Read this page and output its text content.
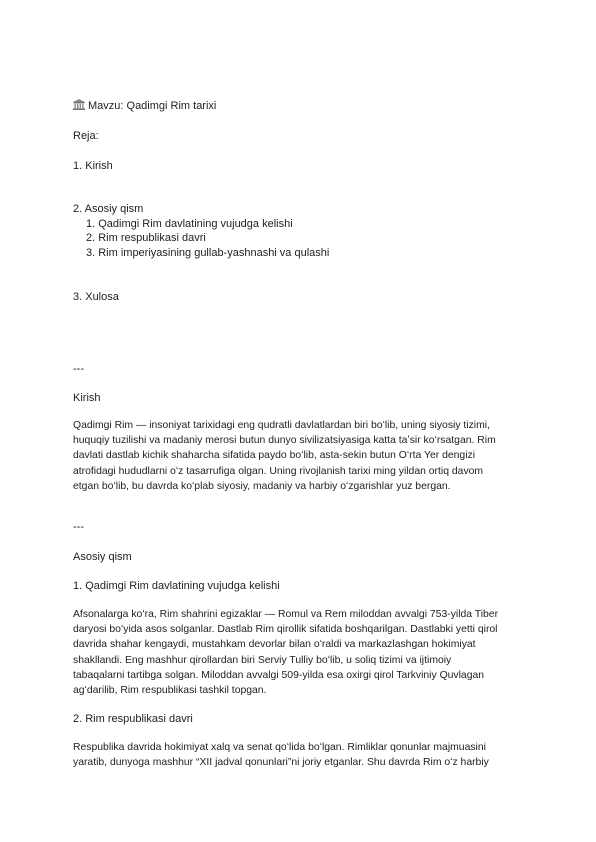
Mavzu: Qadimgi Rim tarixi

Reja:

1. Kirish

2. Asosiy qism

1. Qadimgi Rim davlatining vujudga kelishi

2. Rim respublikasi davri

3. Rim imperiyasining gullab-yashnashi va qulashi

3. Xulosa

---

Kirish

Qadimgi Rim — insoniyat tarixidagi eng qudratli davlatlardan biri boʻlib, uning siyosiy tizimi,
huquqiy tuzilishi va madaniy merosi butun dunyo sivilizatsiyasiga katta taʼsir koʻrsatgan. Rim
davlati dastlab kichik shaharcha sifatida paydo boʻlib, asta-sekin butun Oʻrta Yer dengizi
atrofidagi hududlarni oʻz tasarrufiga olgan. Uning rivojlanish tarixi ming yildan ortiq davom
etgan boʻlib, bu davrda koʻplab siyosiy, madaniy va harbiy oʻzgarishlar yuz bergan.

---

Asosiy qism

1. Qadimgi Rim davlatining vujudga kelishi

Afsonalarga koʻra, Rim shahrini egizaklar — Romul va Rem miloddan avvalgi 753-yilda Tiber
daryosi boʻyida asos solganlar. Dastlab Rim qirollik sifatida boshqarilgan. Dastlabki yetti qirol
davrida shahar kengaydi, mustahkam devorlar bilan oʻraldi va markazlashgan hokimiyat
shakllandi. Eng mashhur qirollardan biri Serviy Tulliy boʻlib, u soliq tizimi va ijtimoiy
tabaqalarni tartibga solgan. Miloddan avvalgi 509-yilda esa oxirgi qirol Tarkviniy Quvlagan
agʻdarilib, Rim respublikasi tashkil topgan.

2. Rim respublikasi davri

Respublika davrida hokimiyat xalq va senat qoʻlida boʻlgan. Rimliklar qonunlar majmuasini
yaratib, dunyoga mashhur “XII jadval qonunlari”ni joriy etganlar. Shu davrda Rim oʻz harbiy
